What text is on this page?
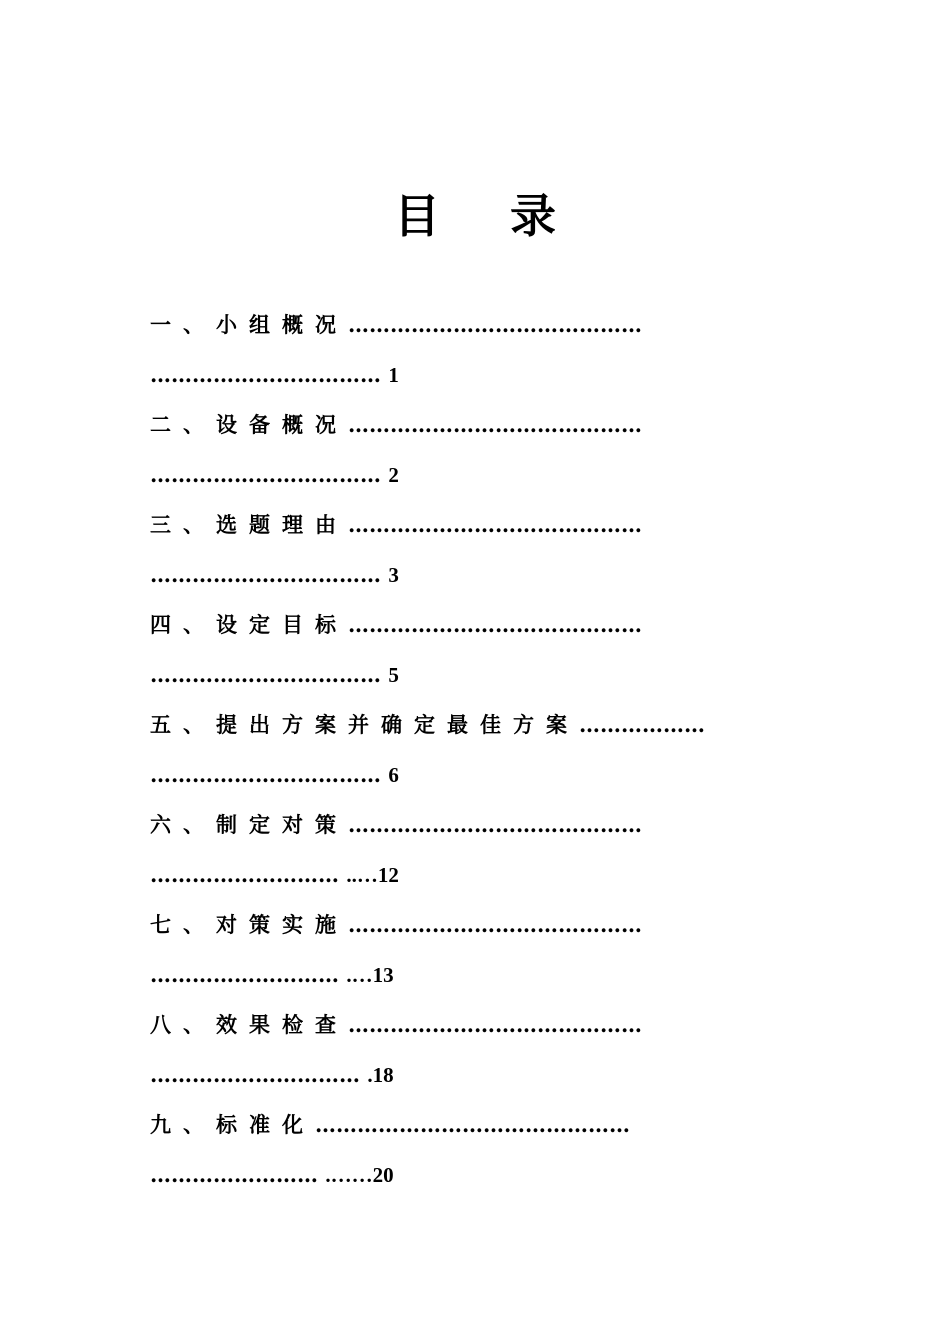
目 录
一、小组概况……………………………………
…………………………… 1
二、设备概况……………………………………
…………………………… 2
三、选题理由……………………………………
…………………………… 3
四、设定目标……………………………………
…………………………… 5
五、提出方案并确定最佳方案………………
…………………………… 6
六、制定对策……………………………………
……………………… ..…12
七、对策实施……………………………………
……………………… .…13
八、效果检查……………………………………
………………………… .18
九、标准化………………………………………
…………………… .……20
